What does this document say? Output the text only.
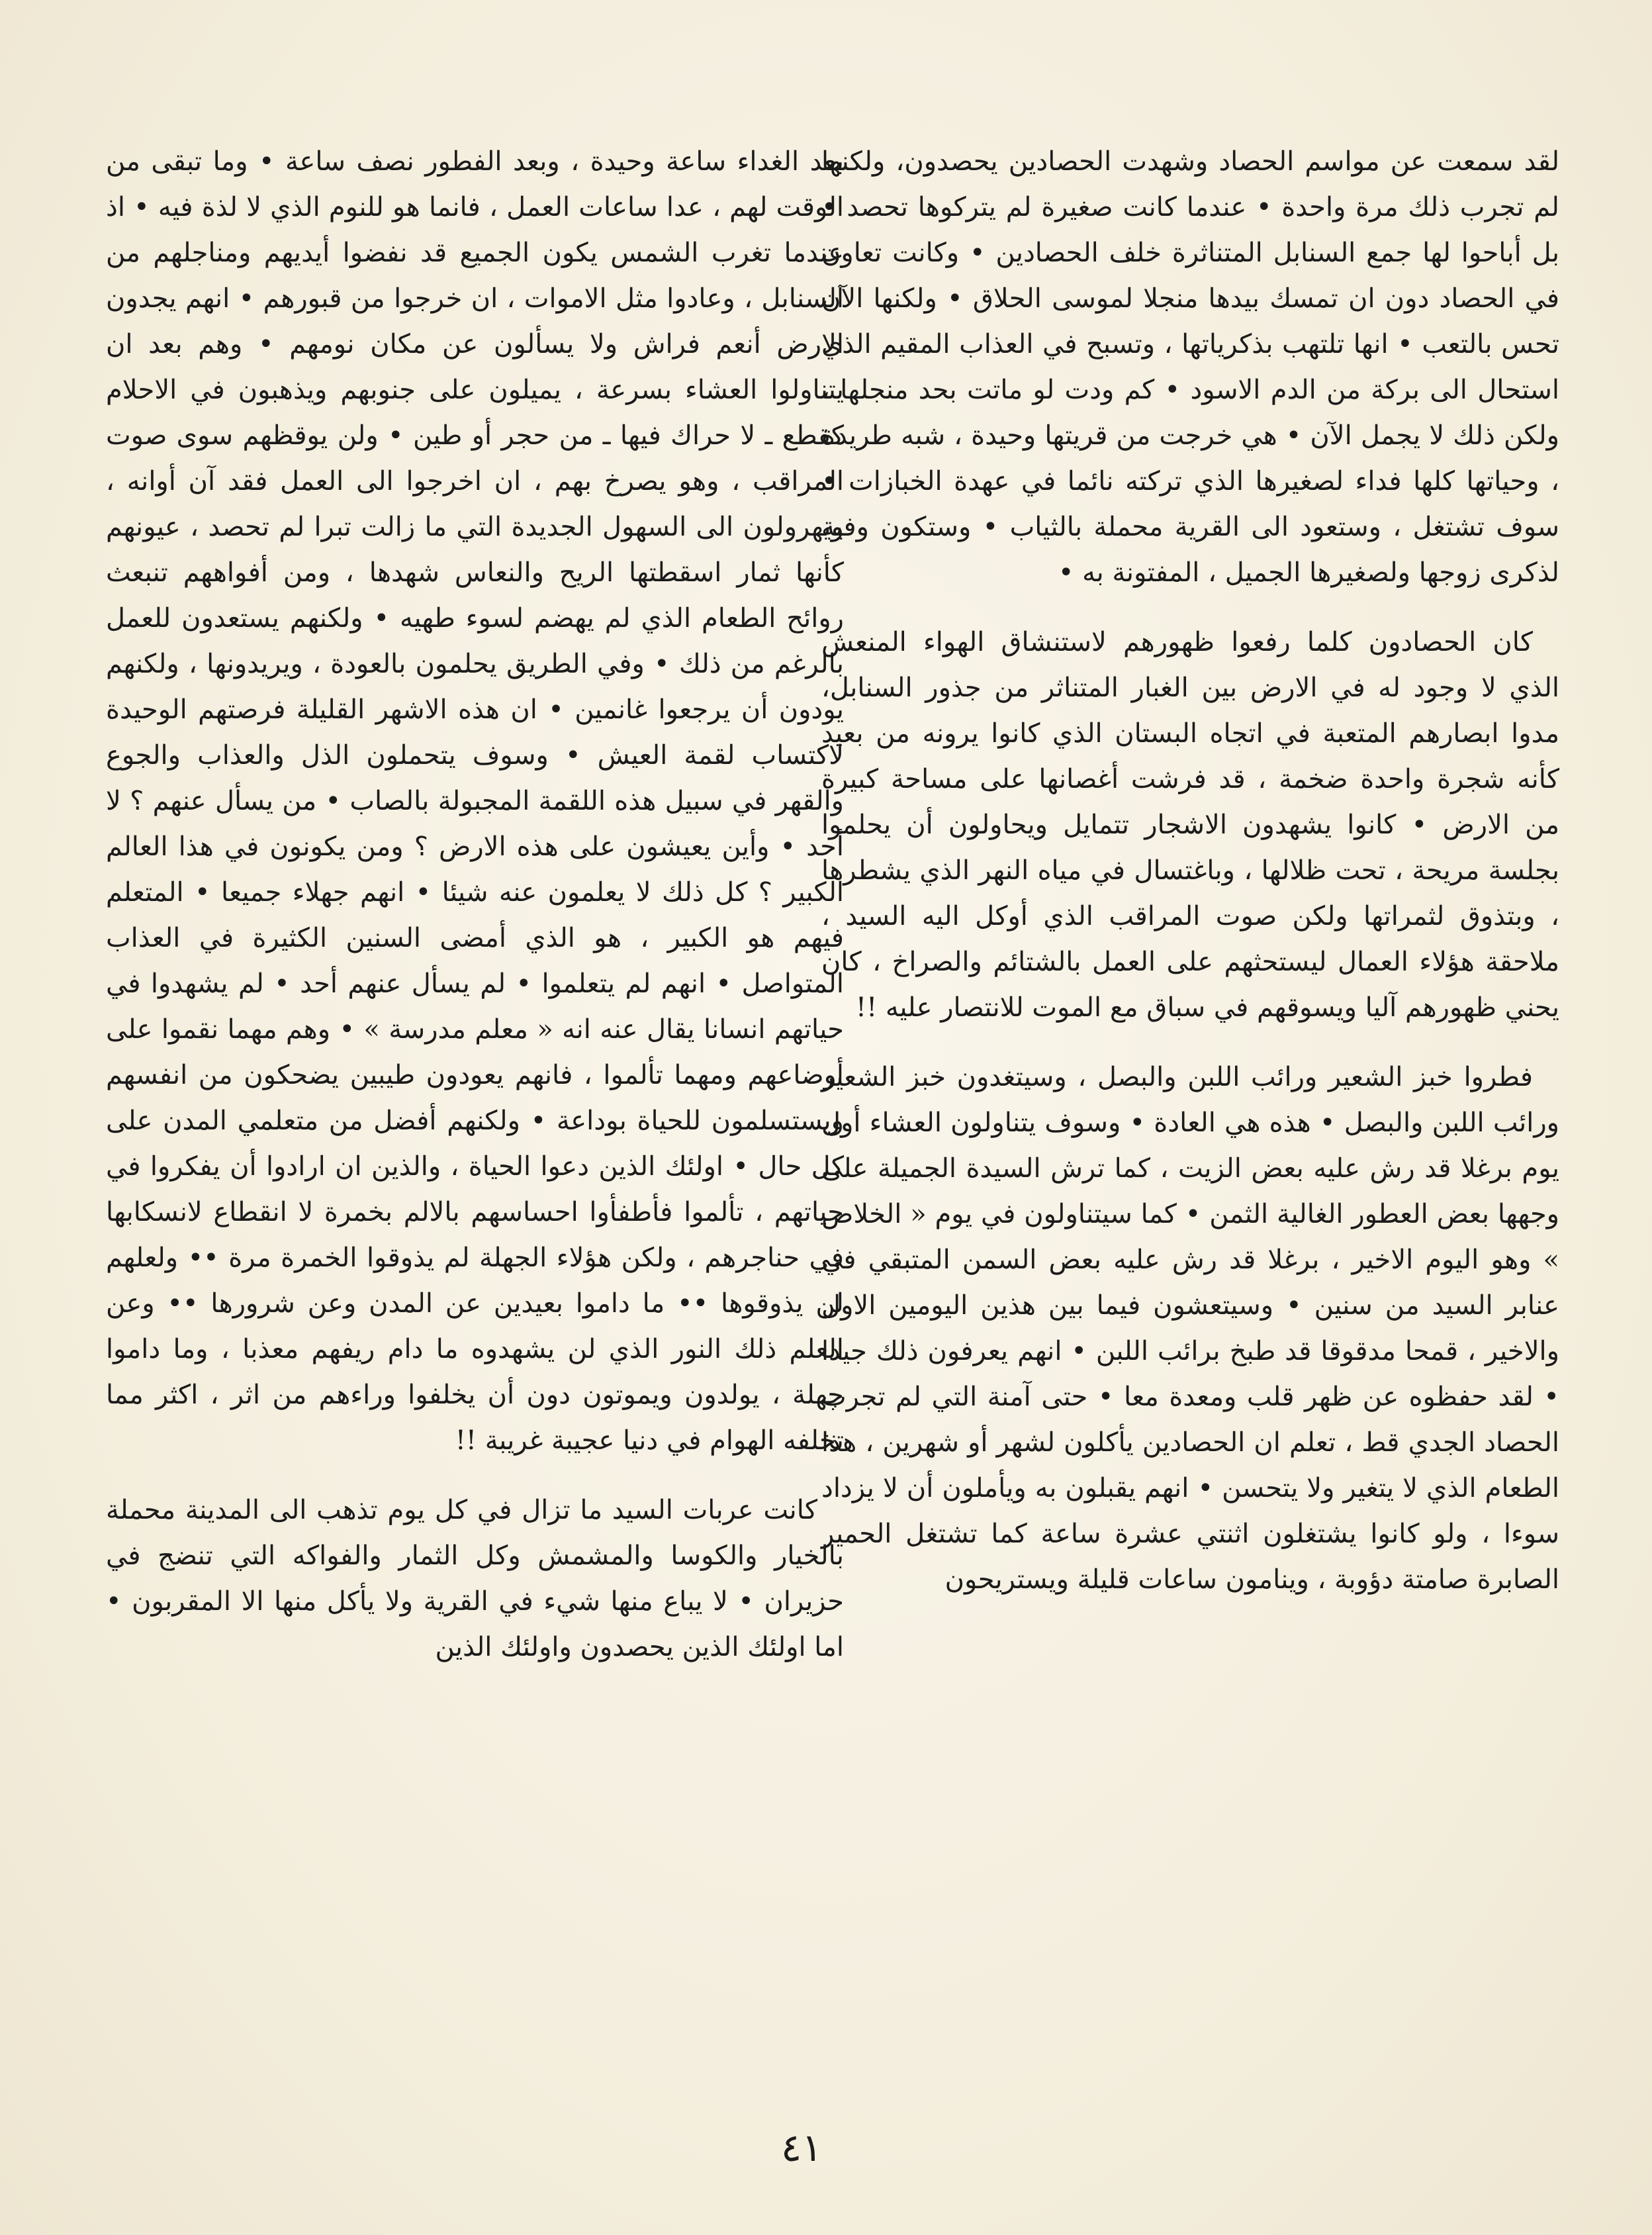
لقد سمعت عن مواسم الحصاد وشهدت الحصادين يحصدون، ولكنها لم تجرب ذلك مرة واحدة • عندما كانت صغيرة لم يتركوها تحصد • بل أباحوا لها جمع السنابل المتناثرة خلف الحصادين • وكانت تعاون في الحصاد دون ان تمسك بيدها منجلا لموسى الحلاق • ولكنها الآن تحس بالتعب • انها تلتهب بذكرياتها ، وتسبح في العذاب المقيم الذي استحال الى بركة من الدم الاسود • كم ودت لو ماتت بحد منجلها ، ولكن ذلك لا يجمل الآن • هي خرجت من قريتها وحيدة ، شبه طريدة ، وحياتها كلها فداء لصغيرها الذي تركته نائما في عهدة الخبازات • سوف تشتغل ، وستعود الى القرية محملة بالثياب • وستكون وفية لذكرى زوجها ولصغيرها الجميل ، المفتونة به •

كان الحصادون كلما رفعوا ظهورهم لاستنشاق الهواء المنعش الذي لا وجود له في الارض بين الغبار المتناثر من جذور السنابل، مدوا ابصارهم المتعبة في اتجاه البستان الذي كانوا يرونه من بعيد كأنه شجرة واحدة ضخمة ، قد فرشت أغصانها على مساحة كبيرة من الارض • كانوا يشهدون الاشجار تتمايل ويحاولون أن يحلموا بجلسة مريحة ، تحت ظلالها ، وباغتسال في مياه النهر الذي يشطرها ، وبتذوق لثمراتها ولكن صوت المراقب الذي أوكل اليه السيد ، ملاحقة هؤلاء العمال ليستحثهم على العمل بالشتائم والصراخ ، كان يحني ظهورهم آليا ويسوقهم في سباق مع الموت للانتصار عليه !!

فطروا خبز الشعير ورائب اللبن والبصل ، وسيتغدون خبز الشعير ورائب اللبن والبصل • هذه هي العادة • وسوف يتناولون العشاء أول يوم برغلا قد رش عليه بعض الزيت ، كما ترش السيدة الجميلة على وجهها بعض العطور الغالية الثمن • كما سيتناولون في يوم « الخلاص » وهو اليوم الاخير ، برغلا قد رش عليه بعض السمن المتبقي في عنابر السيد من سنين • وسيتعشون فيما بين هذين اليومين الاول والاخير ، قمحا مدقوقا قد طبخ برائب اللبن • انهم يعرفون ذلك جيدا • لقد حفظوه عن ظهر قلب ومعدة معا • حتى آمنة التي لم تجرب الحصاد الجدي قط ، تعلم ان الحصادين يأكلون لشهر أو شهرين ، هذا الطعام الذي لا يتغير ولا يتحسن • انهم يقبلون به ويأملون أن لا يزداد سوءا ، ولو كانوا يشتغلون اثنتي عشرة ساعة كما تشتغل الحمير الصابرة صامتة دؤوبة ، وينامون ساعات قليلة ويستريحون

بعد الغداء ساعة وحيدة ، وبعد الفطور نصف ساعة • وما تبقى من الوقت لهم ، عدا ساعات العمل ، فانما هو للنوم الذي لا لذة فيه • اذ عندما تغرب الشمس يكون الجميع قد نفضوا أيديهم ومناجلهم من السنابل ، وعادوا مثل الاموات ، ان خرجوا من قبورهم • انهم يجدون الارض أنعم فراش ولا يسألون عن مكان نومهم • وهم بعد ان يتناولوا العشاء بسرعة ، يميلون على جنوبهم ويذهبون في الاحلام كقطع ـ لا حراك فيها ـ من حجر أو طين • ولن يوقظهم سوى صوت المراقب ، وهو يصرخ بهم ، ان اخرجوا الى العمل فقد آن أوانه ، ويهرولون الى السهول الجديدة التي ما زالت تبرا لم تحصد ، عيونهم كأنها ثمار اسقطتها الريح والنعاس شهدها ، ومن أفواههم تنبعث روائح الطعام الذي لم يهضم لسوء طهيه • ولكنهم يستعدون للعمل بالرغم من ذلك • وفي الطريق يحلمون بالعودة ، ويريدونها ، ولكنهم يودون أن يرجعوا غانمين • ان هذه الاشهر القليلة فرصتهم الوحيدة لاكتساب لقمة العيش • وسوف يتحملون الذل والعذاب والجوع والقهر في سبيل هذه اللقمة المجبولة بالصاب • من يسأل عنهم ؟ لا أحد • وأين يعيشون على هذه الارض ؟ ومن يكونون في هذا العالم الكبير ؟ كل ذلك لا يعلمون عنه شيئا • انهم جهلاء جميعا • المتعلم فيهم هو الكبير ، هو الذي أمضى السنين الكثيرة في العذاب المتواصل • انهم لم يتعلموا • لم يسأل عنهم أحد • لم يشهدوا في حياتهم انسانا يقال عنه انه « معلم مدرسة » • وهم مهما نقموا على أوضاعهم ومهما تألموا ، فانهم يعودون طيبين يضحكون من انفسهم ويستسلمون للحياة بوداعة • ولكنهم أفضل من متعلمي المدن على كل حال • اولئك الذين دعوا الحياة ، والذين ان ارادوا أن يفكروا في حياتهم ، تألموا فأطفأوا احساسهم بالالم بخمرة لا انقطاع لانسكابها في حناجرهم ، ولكن هؤلاء الجهلة لم يذوقوا الخمرة مرة •• ولعلهم لن يذوقوها •• ما داموا بعيدين عن المدن وعن شرورها •• وعن العلم ذلك النور الذي لن يشهدوه ما دام ريفهم معذبا ، وما داموا جهلة ، يولدون ويموتون دون أن يخلفوا وراءهم من اثر ، اكثر مما تخلفه الهوام في دنيا عجيبة غريبة !!

كانت عربات السيد ما تزال في كل يوم تذهب الى المدينة محملة بالخيار والكوسا والمشمش وكل الثمار والفواكه التي تنضج في حزيران • لا يباع منها شيء في القرية ولا يأكل منها الا المقربون • اما اولئك الذين يحصدون واولئك الذين

٤١
